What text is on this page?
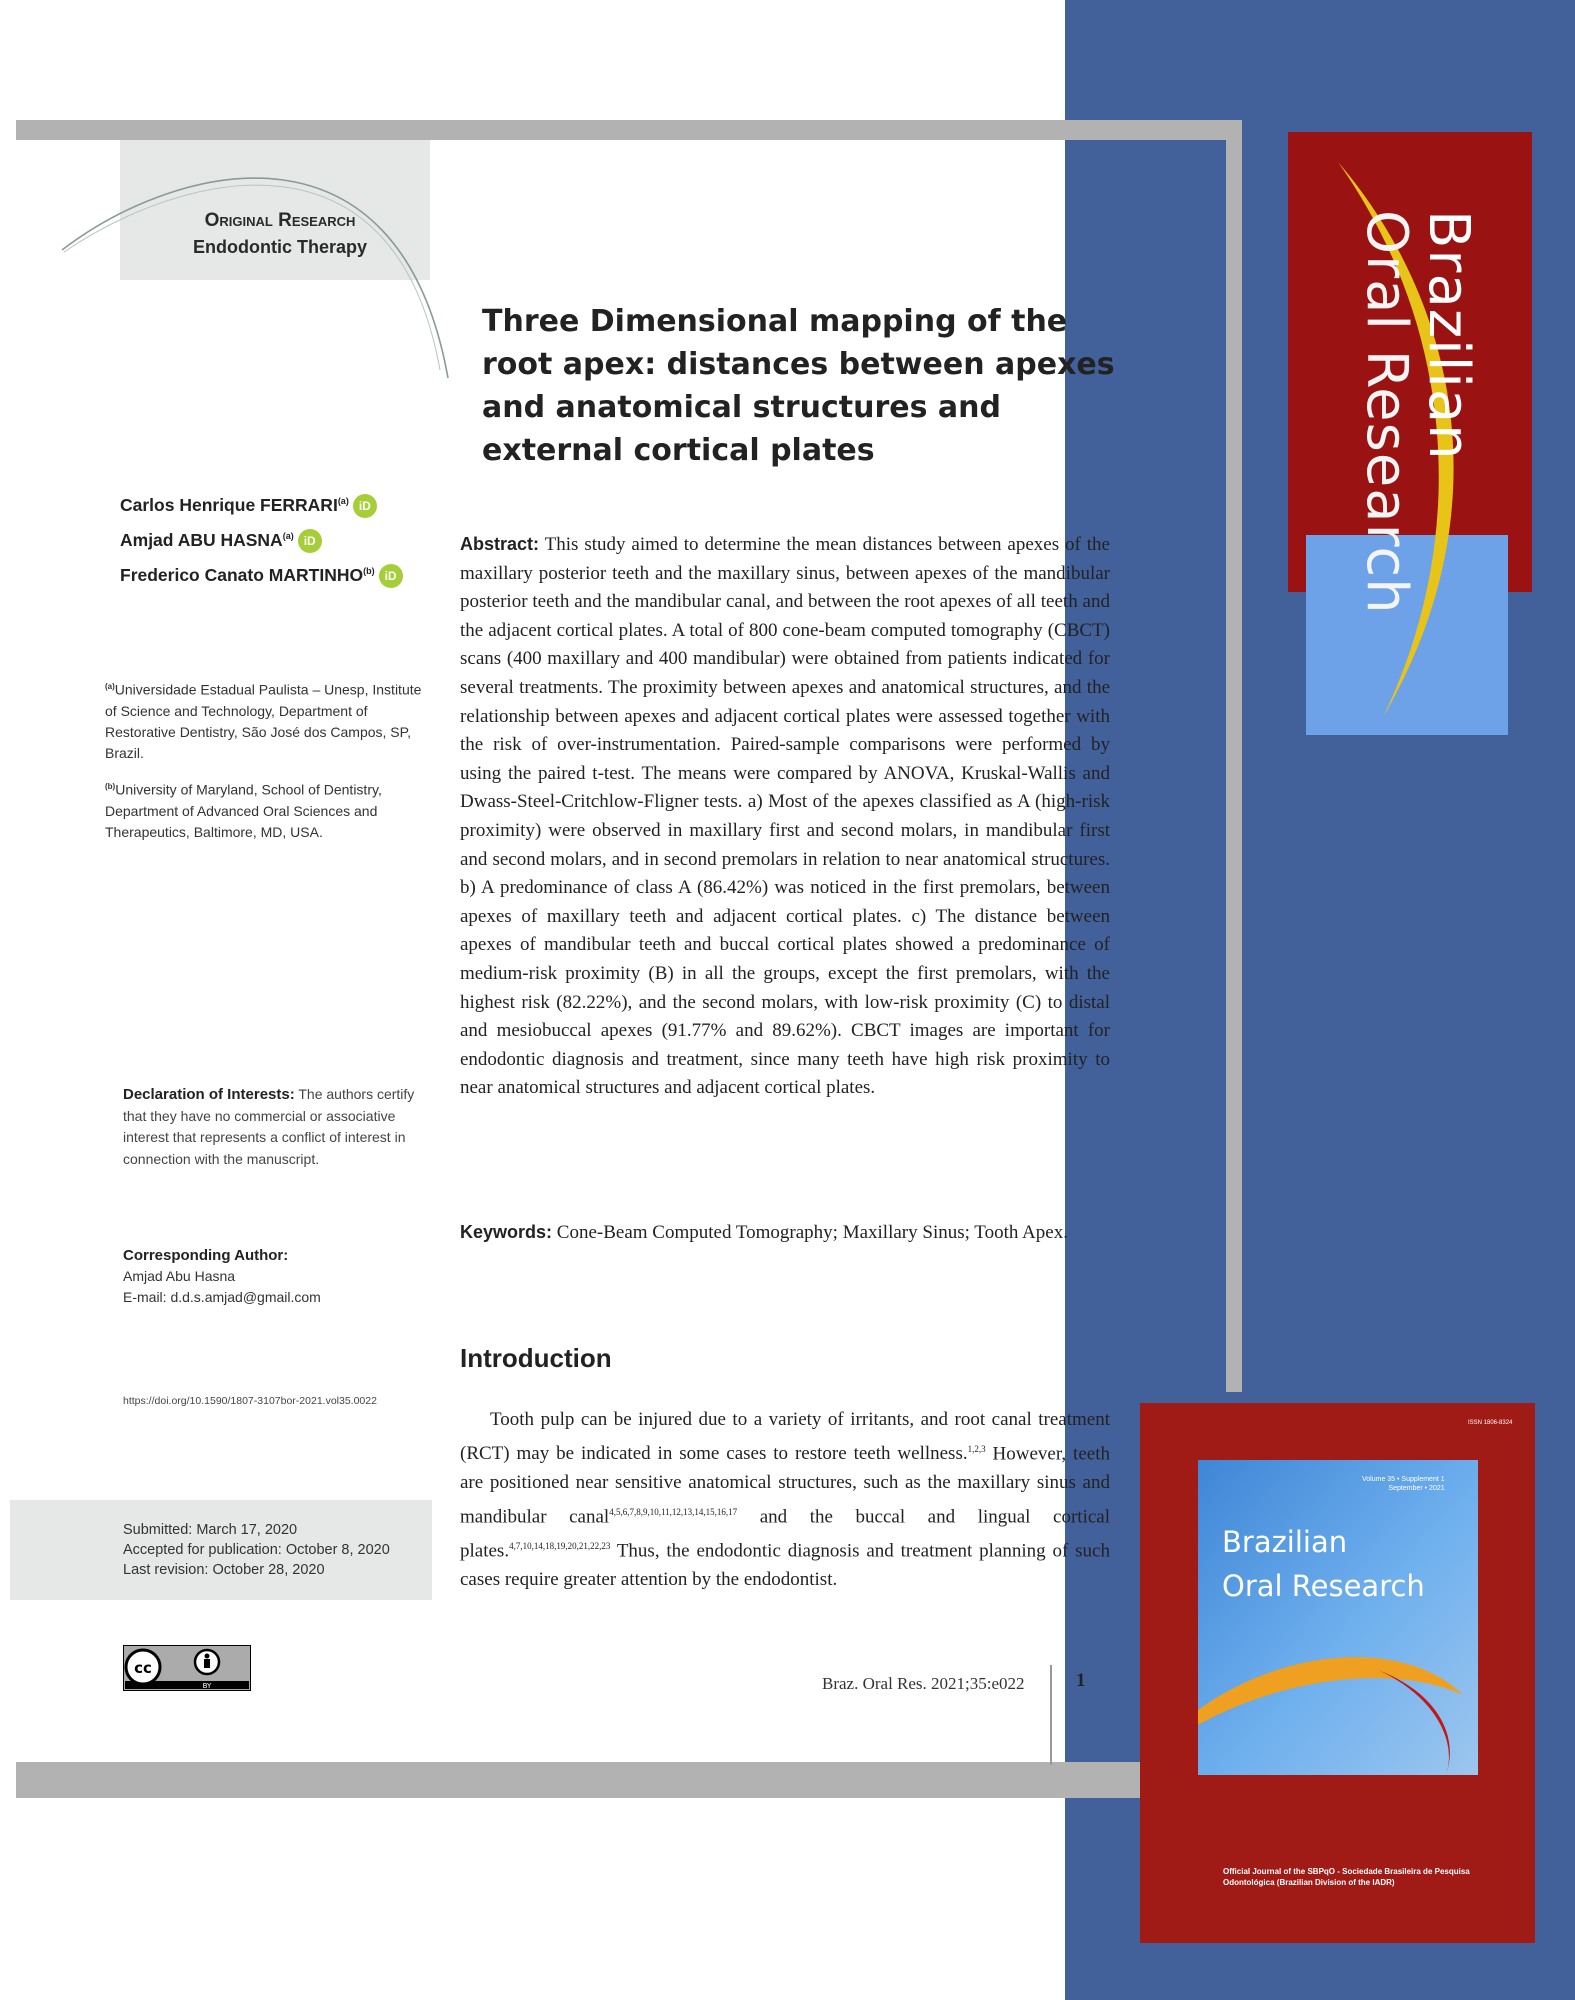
Original Research
Endodontic Therapy
Three Dimensional mapping of the root apex: distances between apexes and anatomical structures and external cortical plates
Carlos Henrique FERRARI$^{(a)}$ iD
Amjad ABU HASNA$^{(a)}$ iD
Frederico Canato MARTINHO$^{(b)}$ iD
$^{(a)}$Universidade Estadual Paulista – Unesp, Institute of Science and Technology, Department of Restorative Dentistry, São José dos Campos, SP, Brazil.
$^{(b)}$University of Maryland, School of Dentistry, Department of Advanced Oral Sciences and Therapeutics, Baltimore, MD, USA.
Declaration of Interests: The authors certify that they have no commercial or associative interest that represents a conflict of interest in connection with the manuscript.
Corresponding Author:
Amjad Abu Hasna
E-mail: d.d.s.amjad@gmail.com
https://doi.org/10.1590/1807-3107bor-2021.vol35.0022
Submitted: March 17, 2020
Accepted for publication: October 8, 2020
Last revision: October 28, 2020
cc
BY
Abstract: This study aimed to determine the mean distances between apexes of the maxillary posterior teeth and the maxillary sinus, between apexes of the mandibular posterior teeth and the mandibular canal, and between the root apexes of all teeth and the adjacent cortical plates. A total of 800 cone-beam computed tomography (CBCT) scans (400 maxillary and 400 mandibular) were obtained from patients indicated for several treatments. The proximity between apexes and anatomical structures, and the relationship between apexes and adjacent cortical plates were assessed together with the risk of over-instrumentation. Paired-sample comparisons were performed by using the paired t-test. The means were compared by ANOVA, Kruskal-Wallis and Dwass-Steel-Critchlow-Fligner tests. a) Most of the apexes classified as A (high-risk proximity) were observed in maxillary first and second molars, in mandibular first and second molars, and in second premolars in relation to near anatomical structures. b) A predominance of class A (86.42%) was noticed in the first premolars, between apexes of maxillary teeth and adjacent cortical plates. c) The distance between apexes of mandibular teeth and buccal cortical plates showed a predominance of medium-risk proximity (B) in all the groups, except the first premolars, with the highest risk (82.22%), and the second molars, with low-risk proximity (C) to distal and mesiobuccal apexes (91.77% and 89.62%). CBCT images are important for endodontic diagnosis and treatment, since many teeth have high risk proximity to near anatomical structures and adjacent cortical plates.
Keywords: Cone-Beam Computed Tomography; Maxillary Sinus; Tooth Apex.
Introduction
Tooth pulp can be injured due to a variety of irritants, and root canal treatment (RCT) may be indicated in some cases to restore teeth wellness.$^{1,2,3}$ However, teeth are positioned near sensitive anatomical structures, such as the maxillary sinus and mandibular canal$^{4,5,6,7,8,9,10,11,12,13,14,15,16,17}$ and the buccal and lingual cortical plates.$^{4,7,10,14,18,19,20,21,22,23}$ Thus, the endodontic diagnosis and treatment planning of such cases require greater attention by the endodontist.
Braz. Oral Res. 2021;35:e022	1
Brazilian
Oral Research
ISSN 1806-8324
Volume 35 • Supplement 1
September • 2021
Brazilian
Oral Research
Official Journal of the SBPqO - Sociedade Brasileira de Pesquisa Odontológica (Brazilian Division of the IADR)
